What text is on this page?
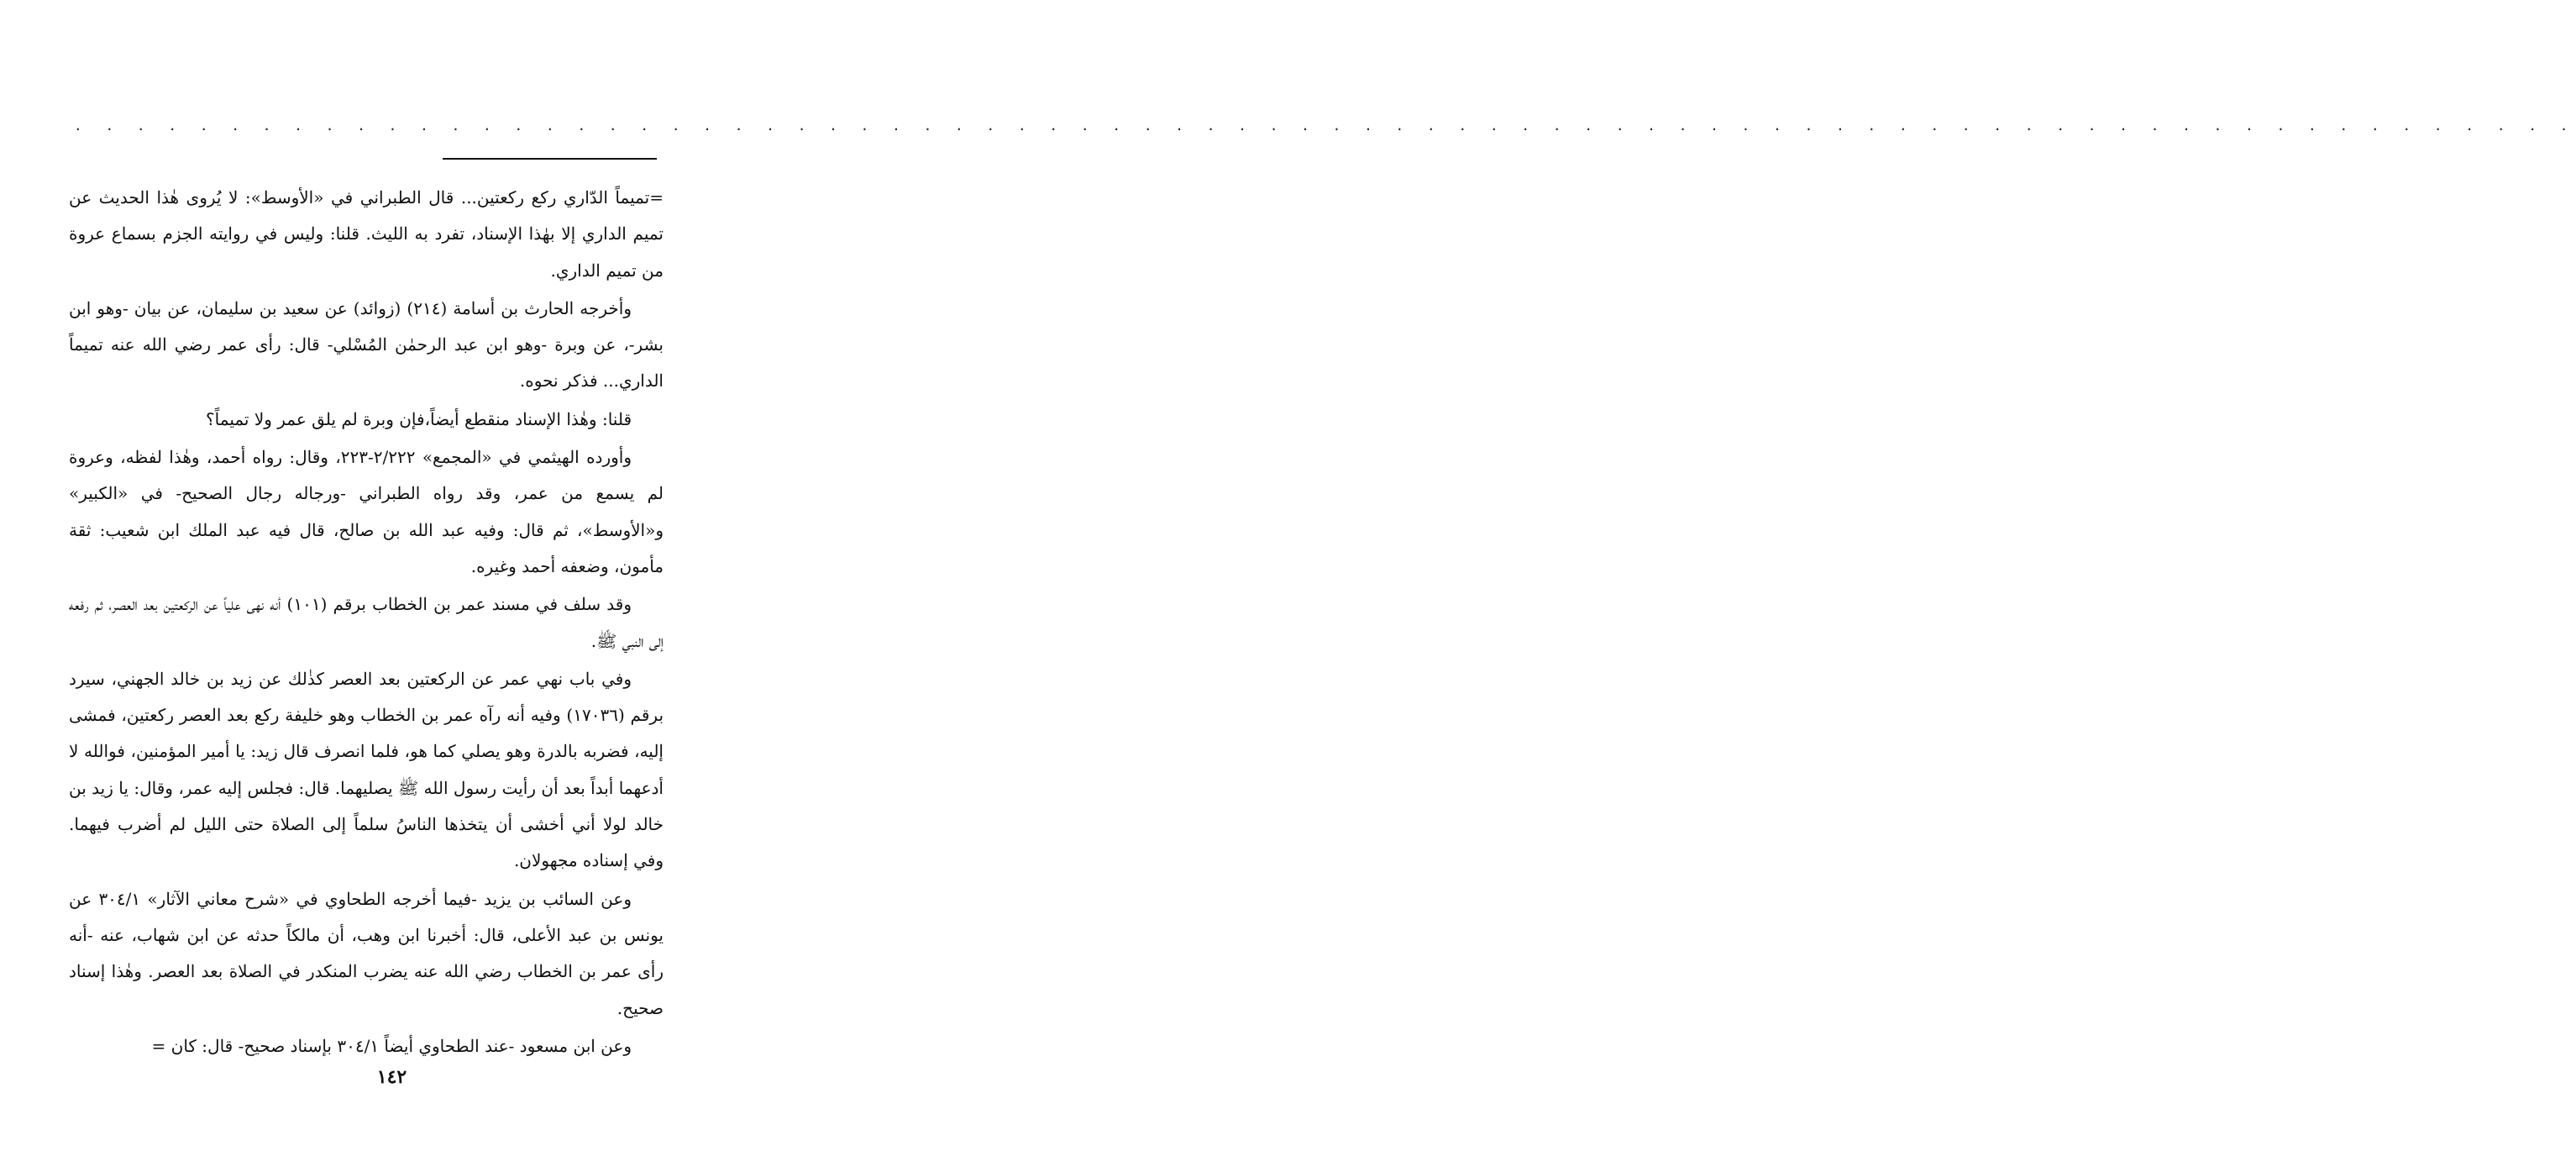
. . . . . . . . . . . . . . . . . . . . . . . . . . . . . . . . . . . . . . . . . . . . . . . . . . . . . . . . . . . . . . . . . . . . . . . . . . . . . . . .

=تميماً الدّاري ركع ركعتين... قال الطبراني في «الأوسط»: لا يُروى هٰذا الحديث عن تميم الداري إلا بهٰذا الإسناد، تفرد به الليث. قلنا: وليس في روايته الجزم بسماع عروة من تميم الداري.

وأخرجه الحارث بن أسامة (٢١٤) (زوائد) عن سعيد بن سليمان، عن بيان -وهو ابن بشر-، عن وبرة -وهو ابن عبد الرحمٰن المُسْلي- قال: رأى عمر رضي الله عنه تميماً الداري... فذكر نحوه.

قلنا: وهٰذا الإسناد منقطع أيضاً،فإن وبرة لم يلق عمر ولا تميماً؟

وأورده الهيثمي في «المجمع» ٢/٢٢٢-٢٢٣، وقال: رواه أحمد، وهٰذا لفظه، وعروة لم يسمع من عمر، وقد رواه الطبراني -ورجاله رجال الصحيح- في «الكبير» و«الأوسط»، ثم قال: وفيه عبد الله بن صالح، قال فيه عبد الملك ابن شعيب: ثقة مأمون، وضعفه أحمد وغيره.

وقد سلف في مسند عمر بن الخطاب برقم (١٠١) أنه نهى علياً عن الركعتين بعد العصر، ثم رفعه إلى النبي ﷺ.

وفي باب نهي عمر عن الركعتين بعد العصر كذٰلك عن زيد بن خالد الجهني، سيرد برقم (١٧٠٣٦) وفيه أنه رآه عمر بن الخطاب وهو خليفة ركع بعد العصر ركعتين، فمشى إليه، فضربه بالدرة وهو يصلي كما هو، فلما انصرف قال زيد: يا أمير المؤمنين، فوالله لا أدعهما أبداً بعد أن رأيت رسول الله ﷺ يصليهما. قال: فجلس إليه عمر، وقال: يا زيد بن خالد لولا أني أخشى أن يتخذها الناسُ سلماً إلى الصلاة حتى الليل لم أضرب فيهما. وفي إسناده مجهولان.

وعن السائب بن يزيد -فيما أخرجه الطحاوي في «شرح معاني الآثار» ٣٠٤/١ عن يونس بن عبد الأعلى، قال: أخبرنا ابن وهب، أن مالكاً حدثه عن ابن شهاب، عنه -أنه رأى عمر بن الخطاب رضي الله عنه يضرب المنكدر في الصلاة بعد العصر. وهٰذا إسناد صحيح.

وعن ابن مسعود -عند الطحاوي أيضاً ٣٠٤/١ بإسناد صحيح- قال: كان =

١٤٢
